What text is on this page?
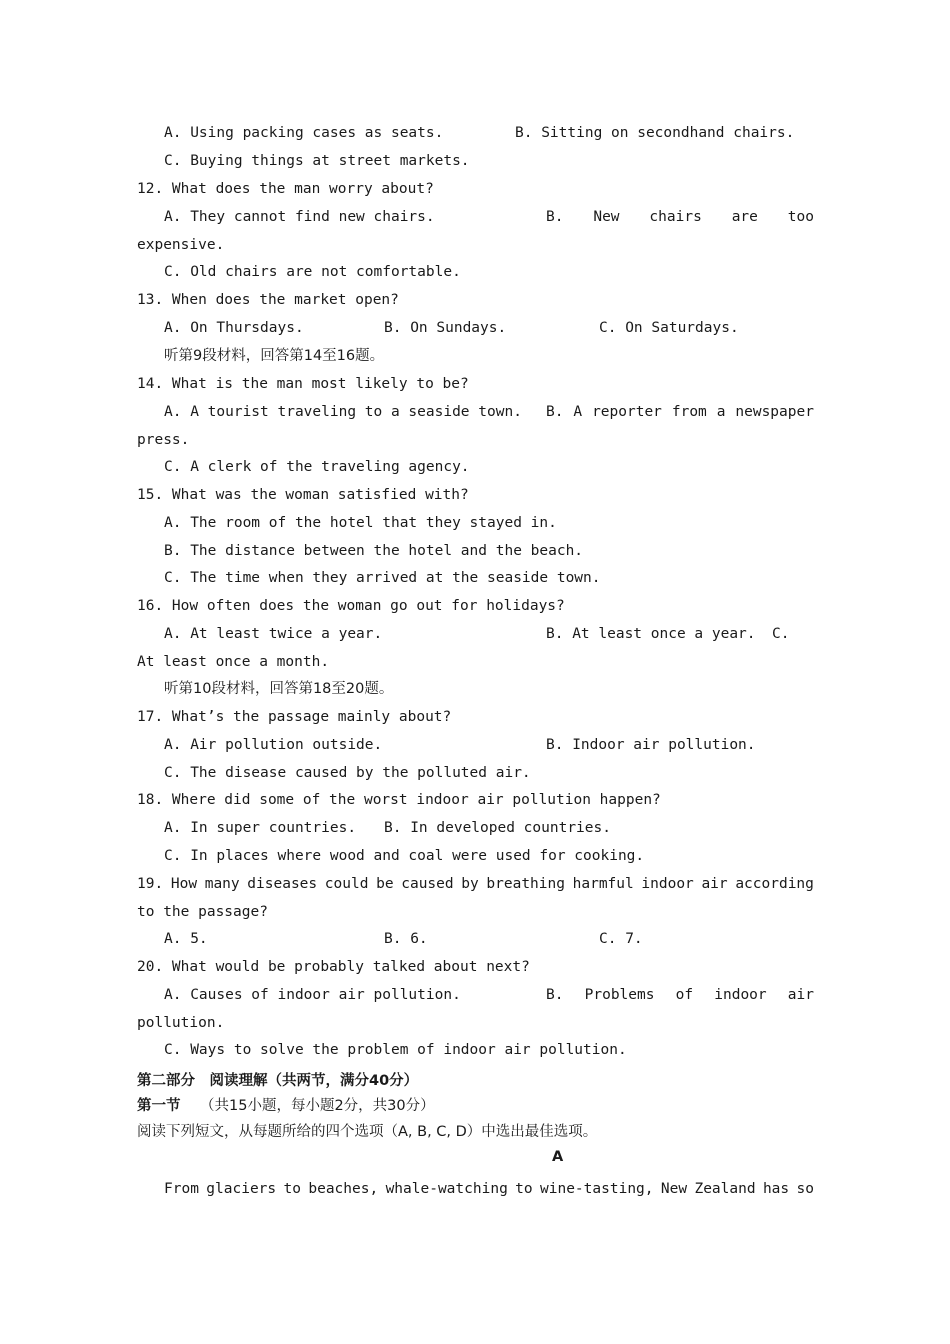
A. Using packing cases as seats.	B. Sitting on secondhand chairs.
C. Buying things at street markets.
12. What does the man worry about?
A. They cannot find new chairs.	B. New chairs are too
expensive.
C. Old chairs are not comfortable.
13. When does the market open?
A. On Thursdays.	B. On Sundays.	C. On Saturdays.
听第9段材料，回答第14至16题。
14. What is the man most likely to be?
A. A tourist traveling to a seaside town. B. A reporter from a newspaper
press.
C. A clerk of the traveling agency.
15. What was the woman satisfied with?
A. The room of the hotel that they stayed in.
B. The distance between the hotel and the beach.
C. The time when they arrived at the seaside town.
16. How often does the woman go out for holidays?
A. At least twice a year.	B. At least once a year. C.
At least once a month.
听第10段材料，回答第18至20题。
17. What’s the passage mainly about?
A. Air pollution outside.	B. Indoor air pollution.
C. The disease caused by the polluted air.
18. Where did some of the worst indoor air pollution happen?
A. In super countries. B. In developed countries.
C. In places where wood and coal were used for cooking.
19. How many diseases could be caused by breathing harmful indoor air according
to the passage?
A. 5.	B. 6.	C. 7.
20. What would be probably talked about next?
A. Causes of indoor air pollution.	B. Problems of indoor air
pollution.
C. Ways to solve the problem of indoor air pollution.
第二部分　阅读理解（共两节，满分40分）
第一节 （共15小题，每小题2分，共30分）
阅读下列短文，从每题所给的四个选项（A, B, C, D）中选出最佳选项。
A
From glaciers to beaches, whale-watching to wine-tasting, New Zealand has so
